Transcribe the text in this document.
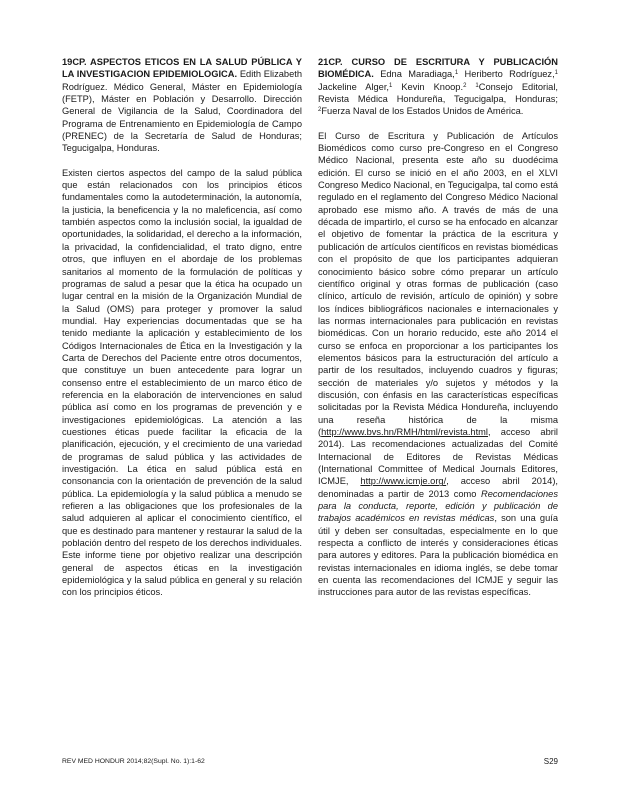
19CP. ASPECTOS ETICOS EN LA SALUD PÚBLICA Y LA INVESTIGACION EPIDEMIOLOGICA. Edith Elizabeth Rodríguez. Médico General, Máster en Epidemiología (FETP), Máster en Población y Desarrollo. Dirección General de Vigilancia de la Salud, Coordinadora del Programa de Entrenamiento en Epidemiología de Campo (PRENEC) de la Secretaría de Salud de Honduras; Tegucigalpa, Honduras.

Existen ciertos aspectos del campo de la salud pública que están relacionados con los principios éticos fundamentales como la autodeterminación, la autonomía, la justicia, la beneficencia y la no maleficencia, así como también aspectos como la inclusión social, la igualdad de oportunidades, la solidaridad, el derecho a la información, la privacidad, la confidencialidad, el trato digno, entre otros, que influyen en el abordaje de los problemas sanitarios al momento de la formulación de políticas y programas de salud a pesar que la ética ha ocupado un lugar central en la misión de la Organización Mundial de la Salud (OMS) para proteger y promover la salud mundial. Hay experiencias documentadas que se ha tenido mediante la aplicación y establecimiento de los Códigos Internacionales de Ética en la Investigación y la Carta de Derechos del Paciente entre otros documentos, que constituye un buen antecedente para lograr un consenso entre el establecimiento de un marco ético de referencia en la elaboración de intervenciones en salud pública así como en los programas de prevención y e investigaciones epidemiológicas. La atención a las cuestiones éticas puede facilitar la eficacia de la planificación, ejecución, y el crecimiento de una variedad de programas de salud pública y las actividades de investigación. La ética en salud pública está en consonancia con la orientación de prevención de la salud pública. La epidemiología y la salud pública a menudo se refieren a las obligaciones que los profesionales de la salud adquieren al aplicar el conocimiento científico, el que es destinado para mantener y restaurar la salud de la población dentro del respeto de los derechos individuales. Este informe tiene por objetivo realizar una descripción general de aspectos éticas en la investigación epidemiológica y la salud pública en general y su relación con los principios éticos.

21CP. CURSO DE ESCRITURA Y PUBLICACIÓN BIOMÉDICA. Edna Maradiaga,$^1$ Heriberto Rodríguez,$^1$ Jackeline Alger,$^1$ Kevin Knoop.$^2$ $^1$Consejo Editorial, Revista Médica Hondureña, Tegucigalpa, Honduras; $^2$Fuerza Naval de los Estados Unidos de América.

El Curso de Escritura y Publicación de Artículos Biomédicos como curso pre-Congreso en el Congreso Médico Nacional, presenta este año su duodécima edición. El curso se inició en el año 2003, en el XLVI Congreso Medico Nacional, en Tegucigalpa, tal como está regulado en el reglamento del Congreso Médico Nacional aprobado ese mismo año. A través de más de una década de impartirlo, el curso se ha enfocado en alcanzar el objetivo de fomentar la práctica de la escritura y publicación de artículos científicos en revistas biomédicas con el propósito de que los participantes adquieran conocimiento básico sobre cómo preparar un artículo científico original y otras formas de publicación (caso clínico, artículo de revisión, artículo de opinión) y sobre los índices bibliográficos nacionales e internacionales y las normas internacionales para publicación en revistas biomédicas. Con un horario reducido, este año 2014 el curso se enfoca en proporcionar a los participantes los elementos básicos para la estructuración del artículo a partir de los resultados, incluyendo cuadros y figuras; sección de materiales y/o sujetos y métodos y la discusión, con énfasis en las características específicas solicitadas por la Revista Médica Hondureña, incluyendo una reseña histórica de la misma (http://www.bvs.hn/RMH/html/revista.html, acceso abril 2014). Las recomendaciones actualizadas del Comité Internacional de Editores de Revistas Médicas (International Committee of Medical Journals Editores, ICMJE, http://www.icmje.org/, acceso abril 2014), denominadas a partir de 2013 como Recomendaciones para la conducta, reporte, edición y publicación de trabajos académicos en revistas médicas, son una guía útil y deben ser consultadas, especialmente en lo que respecta a conflicto de interés y consideraciones éticas para autores y editores. Para la publicación biomédica en revistas internacionales en idioma inglés, se debe tomar en cuenta las recomendaciones del ICMJE y seguir las instrucciones para autor de las revistas específicas.

REV MED HONDUR 2014;82(Supl. No. 1):1-62	S29
